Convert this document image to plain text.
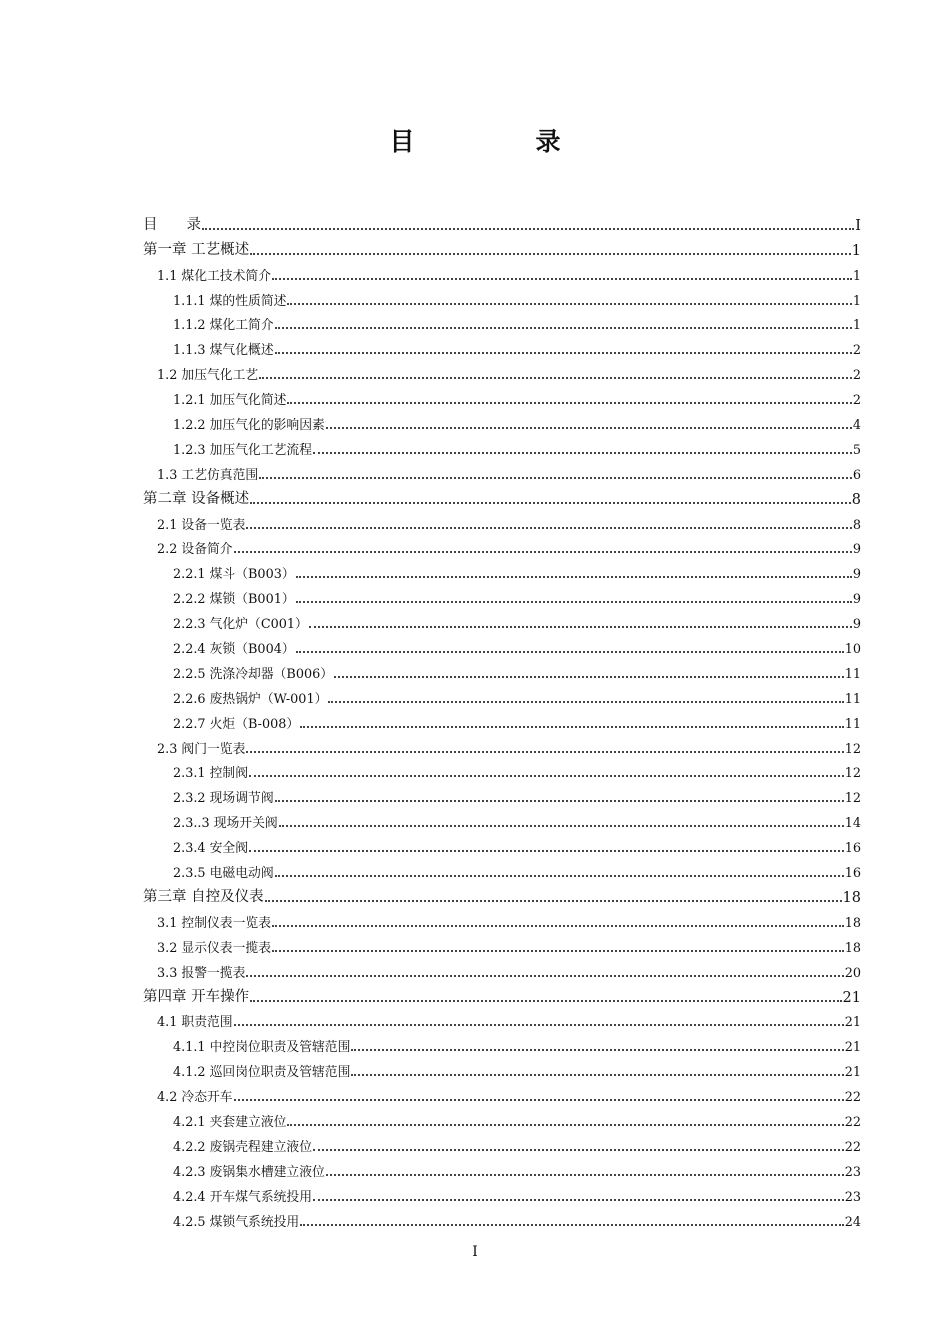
目　录
目　　录	I
第一章 工艺概述	1
1.1 煤化工技术简介	1
1.1.1 煤的性质简述	1
1.1.2 煤化工简介	1
1.1.3 煤气化概述	2
1.2 加压气化工艺	2
1.2.1 加压气化简述	2
1.2.2 加压气化的影响因素	4
1.2.3 加压气化工艺流程	5
1.3 工艺仿真范围	6
第二章 设备概述	8
2.1 设备一览表	8
2.2 设备简介	9
2.2.1 煤斗（B003）	9
2.2.2 煤锁（B001）	9
2.2.3 气化炉（C001）	9
2.2.4 灰锁（B004）	10
2.2.5 洗涤冷却器（B006）	11
2.2.6 废热锅炉（W-001）	11
2.2.7 火炬（B-008）	11
2.3 阀门一览表	12
2.3.1 控制阀	12
2.3.2 现场调节阀	12
2.3..3 现场开关阀	14
2.3.4 安全阀	16
2.3.5 电磁电动阀	16
第三章 自控及仪表	18
3.1 控制仪表一览表	18
3.2 显示仪表一揽表	18
3.3 报警一揽表	20
第四章 开车操作	21
4.1 职责范围	21
4.1.1 中控岗位职责及管辖范围	21
4.1.2 巡回岗位职责及管辖范围	21
4.2 冷态开车	22
4.2.1 夹套建立液位	22
4.2.2 废锅壳程建立液位	22
4.2.3 废锅集水槽建立液位	23
4.2.4 开车煤气系统投用	23
4.2.5 煤锁气系统投用	24
I
